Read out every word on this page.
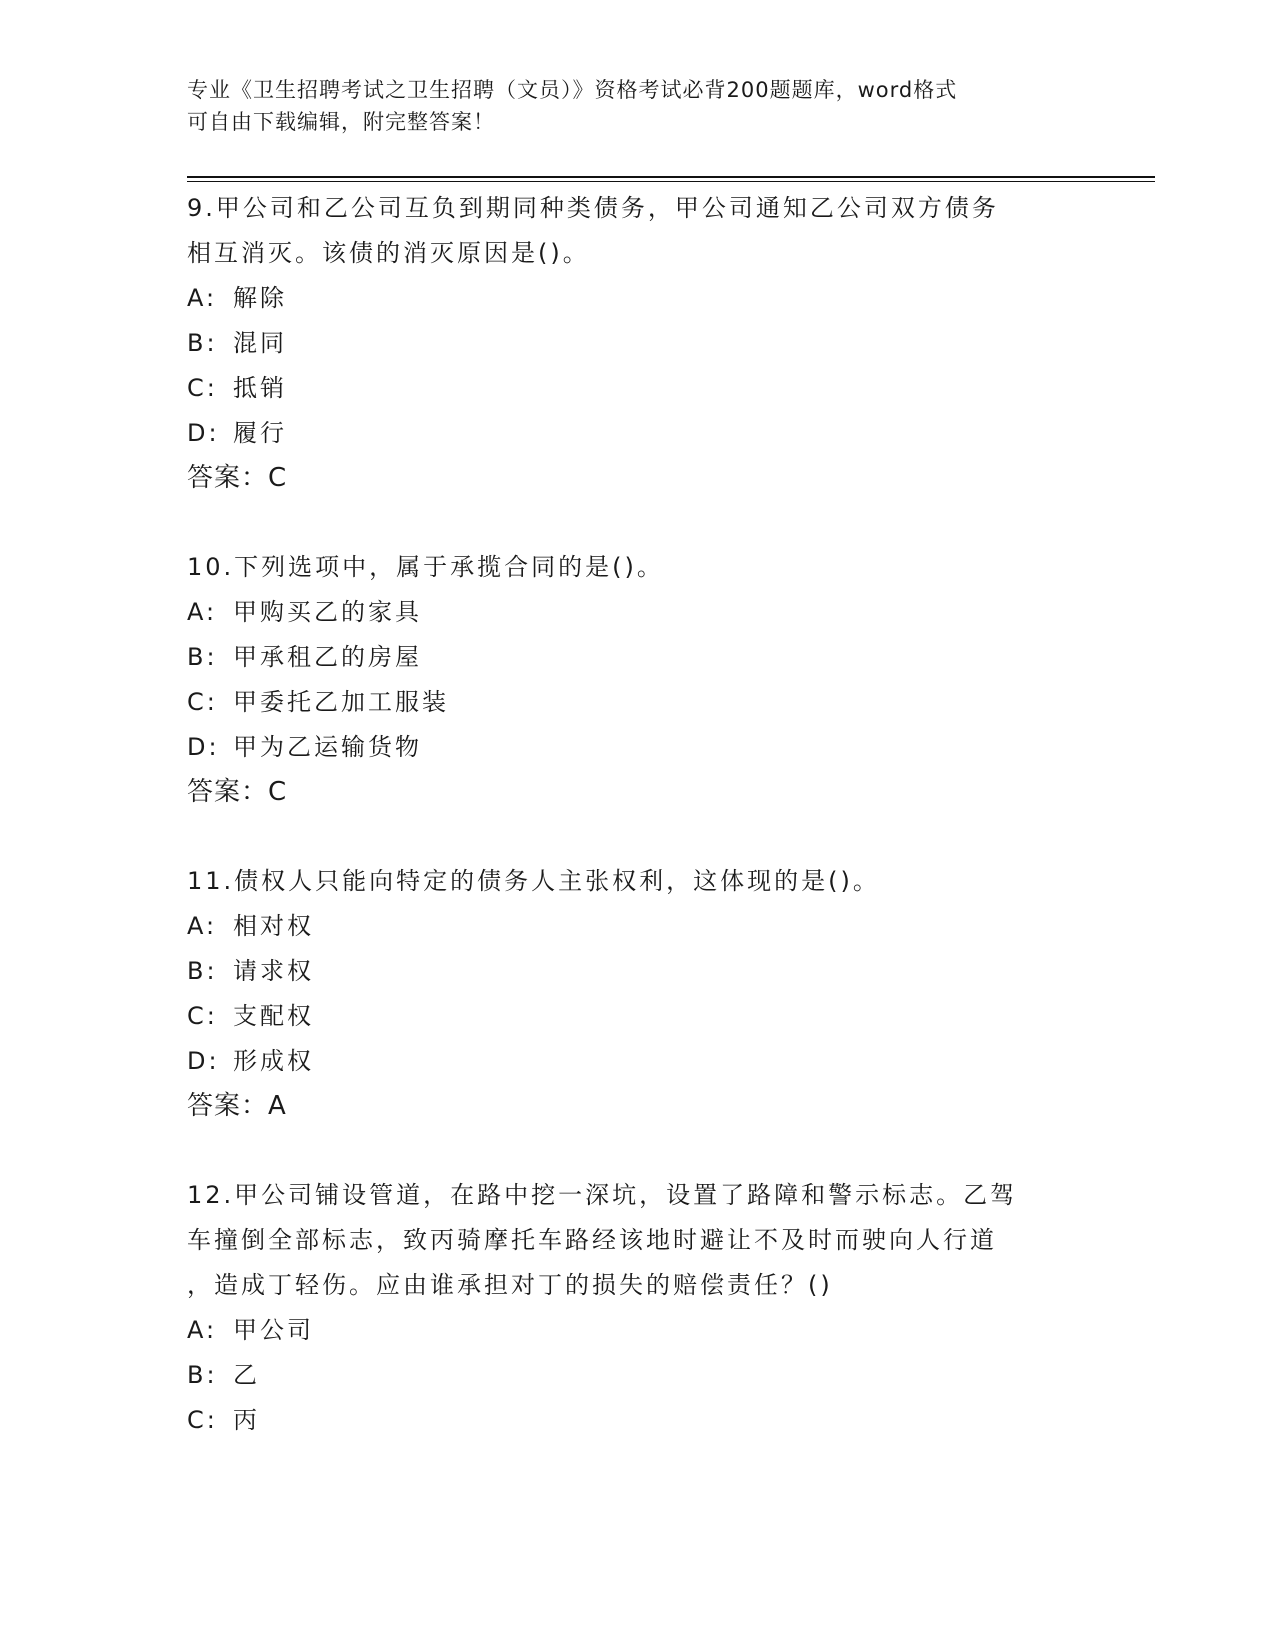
专业《卫生招聘考试之卫生招聘（文员）》资格考试必背200题题库，word格式
可自由下载编辑，附完整答案！
9.甲公司和乙公司互负到期同种类债务，甲公司通知乙公司双方债务
相互消灭。该债的消灭原因是()。
A: 解除
B: 混同
C: 抵销
D: 履行
答案：C
10.下列选项中，属于承揽合同的是()。
A: 甲购买乙的家具
B: 甲承租乙的房屋
C: 甲委托乙加工服装
D: 甲为乙运输货物
答案：C
11.债权人只能向特定的债务人主张权利，这体现的是()。
A: 相对权
B: 请求权
C: 支配权
D: 形成权
答案：A
12.甲公司铺设管道，在路中挖一深坑，设置了路障和警示标志。乙驾
车撞倒全部标志，致丙骑摩托车路经该地时避让不及时而驶向人行道
，造成丁轻伤。应由谁承担对丁的损失的赔偿责任？()
A: 甲公司
B: 乙
C: 丙
